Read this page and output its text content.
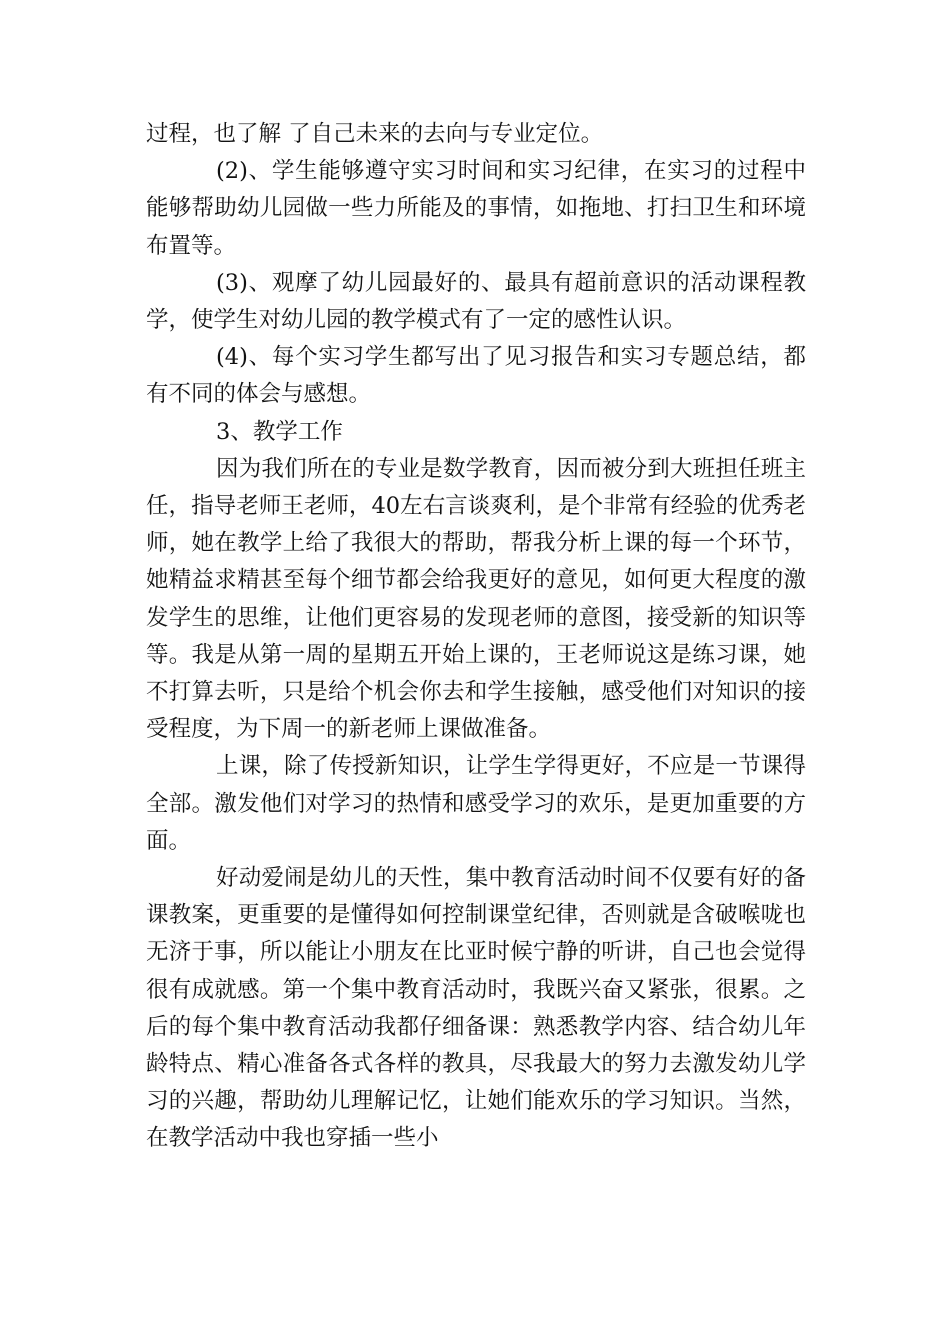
过程，也了解 了自己未来的去向与专业定位。

(2)、学生能够遵守实习时间和实习纪律，在实习的过程中能够帮助幼儿园做一些力所能及的事情，如拖地、打扫卫生和环境布置等。

(3)、观摩了幼儿园最好的、最具有超前意识的活动课程教学，使学生对幼儿园的教学模式有了一定的感性认识。

(4)、每个实习学生都写出了见习报告和实习专题总结，都有不同的体会与感想。

3、教学工作

因为我们所在的专业是数学教育，因而被分到大班担任班主任，指导老师王老师，40左右言谈爽利，是个非常有经验的优秀老师，她在教学上给了我很大的帮助，帮我分析上课的每一个环节，她精益求精甚至每个细节都会给我更好的意见，如何更大程度的激发学生的思维，让他们更容易的发现老师的意图，接受新的知识等等。我是从第一周的星期五开始上课的，王老师说这是练习课，她不打算去听，只是给个机会你去和学生接触，感受他们对知识的接受程度，为下周一的新老师上课做准备。

上课，除了传授新知识，让学生学得更好，不应是一节课得全部。激发他们对学习的热情和感受学习的欢乐，是更加重要的方面。

好动爱闹是幼儿的天性，集中教育活动时间不仅要有好的备课教案，更重要的是懂得如何控制课堂纪律，否则就是含破喉咙也无济于事，所以能让小朋友在比亚时候宁静的听讲，自己也会觉得很有成就感。第一个集中教育活动时，我既兴奋又紧张，很累。之后的每个集中教育活动我都仔细备课：熟悉教学内容、结合幼儿年龄特点、精心准备各式各样的教具，尽我最大的努力去激发幼儿学习的兴趣，帮助幼儿理解记忆，让她们能欢乐的学习知识。当然，在教学活动中我也穿插一些小
